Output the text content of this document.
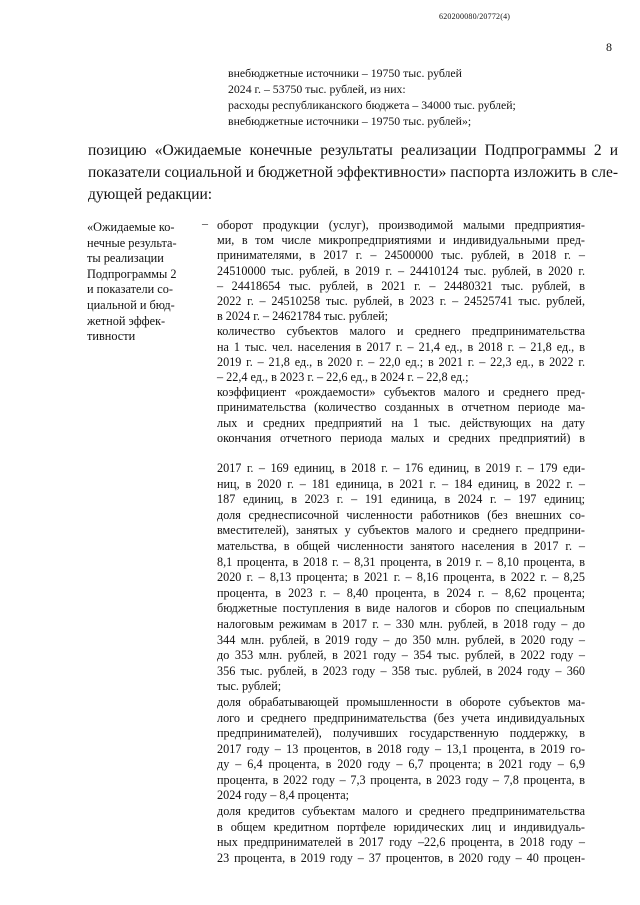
620200080/20772(4)
8
внебюджетные источники – 19750 тыс. рублей
2024 г. – 53750 тыс. рублей, из них:
расходы республиканского бюджета – 34000 тыс. рублей;
внебюджетные источники – 19750 тыс. рублей»;
позицию «Ожидаемые конечные результаты реализации Подпрограммы 2 и
показатели социальной и бюджетной эффективности» паспорта изложить в сле-
дующей редакции:
«Ожидаемые ко-
нечные результа-
ты реализации
Подпрограммы 2
и показатели со-
циальной и бюд-
жетной эффек-
тивности
– оборот продукции (услуг), производимой малыми предприятия-
ми, в том числе микропредприятиями и индивидуальными пред-
принимателями, в 2017 г. – 24500000 тыс. рублей, в 2018 г. –
24510000 тыс. рублей, в 2019 г. – 24410124 тыс. рублей, в 2020 г.
– 24418654 тыс. рублей, в 2021 г. – 24480321 тыс. рублей, в
2022 г. – 24510258 тыс. рублей, в 2023 г. – 24525741 тыс. рублей,
в 2024 г. – 24621784 тыс. рублей;
количество субъектов малого и среднего предпринимательства
на 1 тыс. чел. населения в 2017 г. – 21,4 ед., в 2018 г. – 21,8 ед., в
2019 г. – 21,8 ед., в 2020 г. – 22,0 ед.; в 2021 г. – 22,3 ед., в 2022 г.
– 22,4 ед., в 2023 г. – 22,6 ед., в 2024 г. – 22,8 ед.;
коэффициент «рождаемости» субъектов малого и среднего пред-
принимательства (количество созданных в отчетном периоде ма-
лых и средних предприятий на 1 тыс. действующих на дату
окончания отчетного периода малых и средних предприятий) в
2017 г. – 169 единиц, в 2018 г. – 176 единиц, в 2019 г. – 179 еди-
ниц, в 2020 г. – 181 единица, в 2021 г. – 184 единиц, в 2022 г. –
187 единиц, в 2023 г. – 191 единица, в 2024 г. – 197 единиц;
доля среднесписочной численности работников (без внешних со-
вместителей), занятых у субъектов малого и среднего предприни-
мательства, в общей численности занятого населения в 2017 г. –
8,1 процента, в 2018 г. – 8,31 процента, в 2019 г. – 8,10 процента, в
2020 г. – 8,13 процента; в 2021 г. – 8,16 процента, в 2022 г. – 8,25
процента, в 2023 г. – 8,40 процента, в 2024 г. – 8,62 процента;
бюджетные поступления в виде налогов и сборов по специальным
налоговым режимам в 2017 г. – 330 млн. рублей, в 2018 году – до
344 млн. рублей, в 2019 году – до 350 млн. рублей, в 2020 году –
до 353 млн. рублей, в 2021 году – 354 тыс. рублей, в 2022 году –
356 тыс. рублей, в 2023 году – 358 тыс. рублей, в 2024 году – 360
тыс. рублей;
доля обрабатывающей промышленности в обороте субъектов ма-
лого и среднего предпринимательства (без учета индивидуальных
предпринимателей), получивших государственную поддержку, в
2017 году – 13 процентов, в 2018 году – 13,1 процента, в 2019 го-
ду – 6,4 процента, в 2020 году – 6,7 процента; в 2021 году – 6,9
процента, в 2022 году – 7,3 процента, в 2023 году – 7,8 процента, в
2024 году – 8,4 процента;
доля кредитов субъектам малого и среднего предпринимательства
в общем кредитном портфеле юридических лиц и индивидуаль-
ных предпринимателей в 2017 году –22,6 процента, в 2018 году –
23 процента, в 2019 году – 37 процентов, в 2020 году – 40 процен-
